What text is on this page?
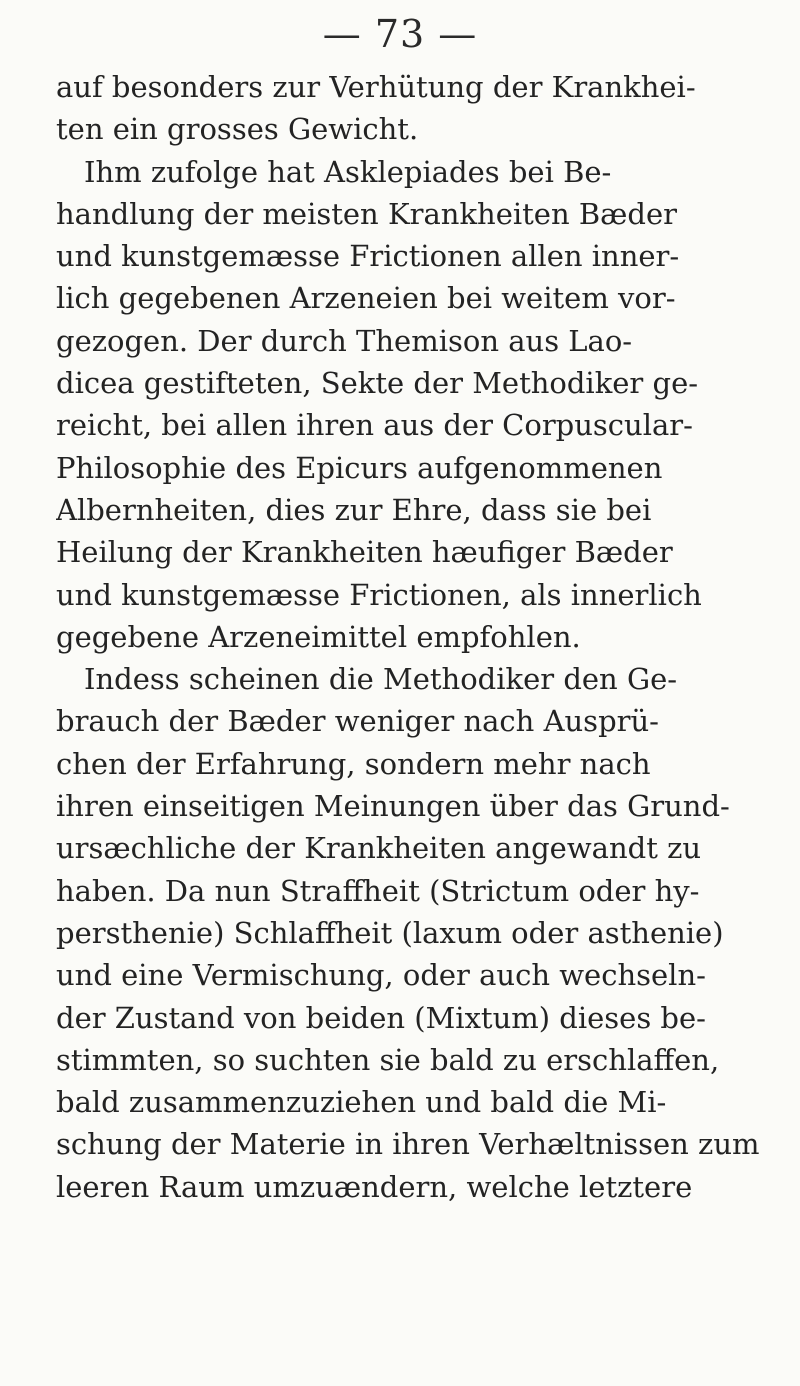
— 73 —
auf besonders zur Verhütung der Krankhei-
ten ein grosses Gewicht.
Ihm zufolge hat Asklepiades bei Be-
handlung der meisten Krankheiten Bæder
und kunstgemæsse Frictionen allen inner-
lich gegebenen Arzeneien bei weitem vor-
gezogen. Der durch Themison aus Lao-
dicea gestifteten, Sekte der Methodiker ge-
reicht, bei allen ihren aus der Corpuscular-
Philosophie des Epicurs aufgenommenen
Albernheiten, dies zur Ehre, dass sie bei
Heilung der Krankheiten hæufiger Bæder
und kunstgemæsse Frictionen, als innerlich
gegebene Arzeneimittel empfohlen.
Indess scheinen die Methodiker den Ge-
brauch der Bæder weniger nach Ausprü-
chen der Erfahrung, sondern mehr nach
ihren einseitigen Meinungen über das Grund-
ursæchliche der Krankheiten angewandt zu
haben. Da nun Straffheit (Strictum oder hy-
persthenie) Schlaffheit (laxum oder asthenie)
und eine Vermischung, oder auch wechseln-
der Zustand von beiden (Mixtum) dieses be-
stimmten, so suchten sie bald zu erschlaffen,
bald zusammenzuziehen und bald die Mi-
schung der Materie in ihren Verhæltnissen zum
leeren Raum umzuændern, welche letztere
